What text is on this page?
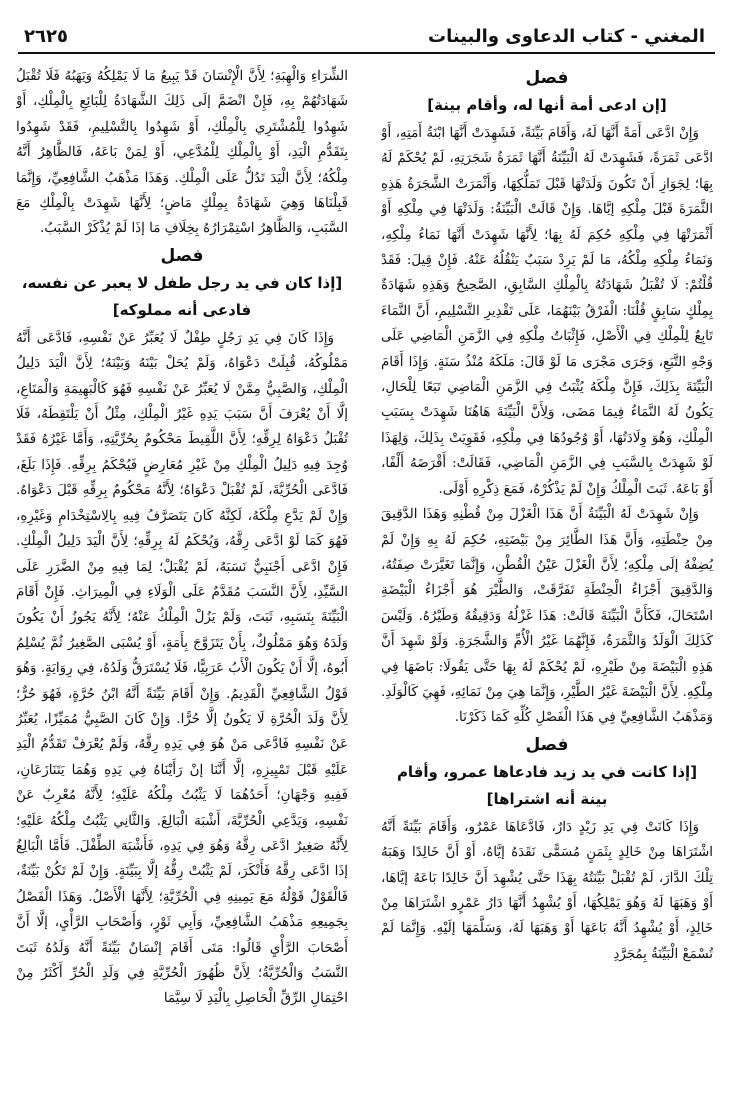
المغني - كتاب الدعاوى والبينات
٢٦٢٥
فصل
[إن ادعى أمة أنها له، وأقام بينة]

وَإِنْ ادَّعَى أَمَةً أَنَّهَا لَهُ، وَأَقَامَ بَيِّنَةً، فَشَهِدَتْ أَنَّهَا ابْنَةُ أَمَتِهِ، أَوْ ادَّعَى ثَمَرَةً، فَشَهِدَتْ لَهُ الْبَيِّنَةُ أَنَّهَا ثَمَرَةُ شَجَرَتِهِ، لَمْ يُحْكَمْ لَهُ بِهَا؛ لِجَوَازِ أَنْ تَكُونَ وَلَدَتْهَا قَبْلَ تَمَلُّكِهَا، وَأَثْمَرَتْ الشَّجَرَةُ هَذِهِ الثَّمَرَةَ قَبْلَ مِلْكِهِ إيَّاهَا. وَإِنْ قَالَتْ الْبَيِّنَةُ: وَلَدَتْهَا فِي مِلْكِهِ أَوْ أَثْمَرَتْهَا فِي مِلْكِهِ حُكِمَ لَهُ بِهَا؛ لِأَنَّهَا شَهِدَتْ أَنَّهَا نَمَاءُ مِلْكِهِ، وَنَمَاءُ مِلْكِهِ مِلْكُهُ، مَا لَمْ يَرِدْ سَبَبٌ يَنْقُلُهُ عَنْهُ. فَإِنْ قِيلَ: فَقَدْ قُلْتُمْ: لَا تُقْبَلُ شَهَادَتُهُ بِالْمِلْكِ السَّابِقِ، الصَّحِيحُ وَهَذِهِ شَهَادَةٌ بِمِلْكٍ سَابِقٍ قُلْنَا: الْفَرْقُ بَيْنَهُمَا، عَلَى تَقْدِيرِ التَّسْلِيمِ، أَنَّ النَّمَاءَ تَابِعٌ لِلْمِلْكِ فِي الْأَصْلِ، فَإِثْبَاتُ مِلْكِهِ فِي الزَّمَنِ الْمَاضِي عَلَى وَجْهِ التَّبَعِ، وَجَرَى مَجْرَى مَا لَوْ قَالَ: مَلَكَهُ مُنْذُ سَنَةٍ. وَإِذَا أَقَامَ الْبَيِّنَةَ بِذَلِكَ، فَإِنَّ مِلْكَهُ يُثْبَتُ فِي الزَّمَنِ الْمَاضِي تَبَعًا لِلْحَالِ، يَكُونُ لَهُ النَّمَاءُ فِيمَا مَضَى، وَلِأَنَّ الْبَيِّنَةَ هَاهُنَا شَهِدَتْ بِسَبَبِ الْمِلْكِ، وَهُوَ وِلَادَتُهَا، أَوْ وُجُودُهَا فِي مِلْكِهِ، فَقَوِيَتْ بِذَلِكَ، وَلِهَذَا لَوْ شَهِدَتْ بِالسَّبَبِ فِي الزَّمَنِ الْمَاضِي، فَقَالَتْ: أَقْرَضَهُ أَلْفًا، أَوْ بَاعَهُ. ثَبَتَ الْمِلْكُ وَإِنْ لَمْ يَذْكُرْهُ، فَمَعَ ذِكْرِهِ أَوْلَى.

وَإِنْ شَهِدَتْ لَهُ الْبَيِّنَةُ أَنَّ هَذَا الْغَزْلَ مِنْ قُطْنِهِ وَهَذَا الدَّقِيقَ مِنْ حِنْطَتِهِ، وَأَنَّ هَذَا الطَّائِرَ مِنْ بَيْضَتِهِ، حُكِمَ لَهُ بِهِ وَإِنْ لَمْ يُضِفْهُ إلَى مِلْكِهِ؛ لِأَنَّ الْغَزْلَ عَيْنُ الْقُطْنِ، وَإِنَّمَا تَغَيَّرَتْ صِفَتُهُ، وَالدَّقِيقَ أَجْزَاءُ الْحِنْطَةِ تَفَرَّقَتْ، وَالطَّيْرَ هُوَ أَجْزَاءُ الْبَيْضَةِ اسْتَحَالَ، فَكَأَنَّ الْبَيِّنَةَ قَالَتْ: هَذَا غَزْلُهُ وَدَقِيقُهُ وَطَيْرُهُ. وَلَيْسَ كَذَلِكَ الْوَلَدُ وَالثَّمَرَةُ، فَإِنَّهُمَا غَيْرُ الْأُمِّ وَالشَّجَرَةِ. وَلَوْ شَهِدَ أَنَّ هَذِهِ الْبَيْضَةَ مِنْ طَيْرِهِ، لَمْ يُحْكَمْ لَهُ بِهَا حَتَّى يَقُولَا: بَاضَهَا فِي مِلْكِهِ. لِأَنَّ الْبَيْضَةَ غَيْرُ الطَّيْرِ، وَإِنَّمَا هِيَ مِنْ نَمَائِهِ، فَهِيَ كَالْوَلَدِ. وَمَذْهَبُ الشَّافِعِيِّ فِي هَذَا الْفَصْلِ كُلِّهِ كَمَا ذَكَرْنَا.

فصل
[إذا كانت في يد زيد فادعاها عمرو، وأقام بينة أنه اشتراها]

وَإِذَا كَانَتْ فِي يَدِ زَيْدٍ دَارٌ، فَادَّعَاهَا عَمْرٌو، وَأَقَامَ بَيِّنَةً أَنَّهُ اشْتَرَاهَا مِنْ خَالِدٍ بِثَمَنٍ مُسَمًّى نَقَدَهُ إيَّاهُ، أَوْ أَنَّ خَالِدًا وَهَبَهُ تِلْكَ الدَّارَ، لَمْ تُقْبَلْ بَيِّنَتُهُ بِهَذَا حَتَّى يُشْهِدَ أَنَّ خَالِدًا بَاعَهُ إيَّاهَا، أَوْ وَهَبَهَا لَهُ وَهُوَ يَمْلِكُهَا، أَوْ يُشْهِدُ أَنَّهَا دَارُ عَمْرٍو اشْتَرَاهَا مِنْ خَالِدٍ، أَوْ يُشْهِدُ أَنَّهُ بَاعَهَا أَوْ وَهَبَهَا لَهُ، وَسَلَّمَهَا إلَيْهِ. وَإِنَّمَا لَمْ تُسْمَعْ الْبَيِّنَةُ بِمُجَرَّدِ

الشِّرَاءِ وَالْهِبَةِ؛ لِأَنَّ الْإِنْسَانَ قَدْ يَبِيعُ مَا لَا يَمْلِكُهُ وَيَهَبُهُ فَلَا تُقْبَلُ شَهَادَتُهُمْ بِهِ، فَإِنْ انْضَمَّ إلَى ذَلِكَ الشَّهَادَةُ لِلْبَائِعِ بِالْمِلْكِ، أَوْ شَهِدُوا لِلْمُشْتَرِي بِالْمِلْكِ، أَوْ شَهِدُوا بِالتَّسْلِيمِ، فَقَدْ شَهِدُوا بِتَقَدُّمِ الْيَدِ، أَوْ بِالْمِلْكِ لِلْمُدَّعِي، أَوْ لِمَنْ بَاعَهُ، فَالظَّاهِرُ أَنَّهُ مِلْكُهُ؛ لِأَنَّ الْيَدَ تَدُلُّ عَلَى الْمِلْكِ. وَهَذَا مَذْهَبُ الشَّافِعِيِّ، وَإِنَّمَا قَبِلْنَاهَا وَهِيَ شَهَادَةٌ بِمِلْكٍ مَاضٍ؛ لِأَنَّهَا شَهِدَتْ بِالْمِلْكِ مَعَ السَّبَبِ، وَالظَّاهِرُ اسْتِمْرَارُهُ بِخِلَافِ مَا إذَا لَمْ يُذْكَرْ السَّبَبُ.

فصل
[إذا كان في يد رجل طفل لا يعبر عن نفسه، فادعى أنه مملوكه]

وَإِذَا كَانَ فِي يَدِ رَجُلٍ طِفْلٌ لَا يُعَبِّرُ عَنْ نَفْسِهِ، فَادَّعَى أَنَّهُ مَمْلُوكُهُ، قُبِلَتْ دَعْوَاهُ، وَلَمْ يُحَلْ بَيْنَهُ وَبَيْنَهُ؛ لِأَنَّ الْيَدَ دَلِيلُ الْمِلْكِ، وَالصَّبِيُّ مِمَّنْ لَا يُعَبِّرُ عَنْ نَفْسِهِ فَهُوَ كَالْبَهِيمَةِ وَالْمَتَاعِ، إلَّا أَنْ يُعْرَفَ أَنَّ سَبَبَ يَدِهِ غَيْرُ الْمِلْكِ، مِثْلُ أَنْ يَلْتَقِطَهُ، فَلَا تُقْبَلُ دَعْوَاهُ لِرِقِّهِ؛ لِأَنَّ اللَّقِيطَ مَحْكُومٌ بِحُرِّيَّتِهِ، وَأَمَّا غَيْرُهُ فَقَدْ وُجِدَ فِيهِ دَلِيلُ الْمِلْكِ مِنْ غَيْرِ مُعَارِضٍ فَيُحْكَمُ بِرِقِّهِ. فَإِذَا بَلَغَ، فَادَّعَى الْحُرِّيَّةَ، لَمْ تُقْبَلْ دَعْوَاهُ؛ لِأَنَّهُ مَحْكُومٌ بِرِقِّهِ قَبْلَ دَعْوَاهُ. وَإِنْ لَمْ يَدَّعِ مِلْكَهُ، لَكِنَّهُ كَانَ يَتَصَرَّفُ فِيهِ بِالِاسْتِخْدَامِ وَغَيْرِهِ، فَهُوَ كَمَا لَوْ ادَّعَى رِقَّهُ، وَيُحْكَمُ لَهُ بِرِقِّهِ؛ لِأَنَّ الْيَدَ دَلِيلُ الْمِلْكِ. فَإِنْ ادَّعَى أَجْنَبِيٌّ نَسَبَهُ، لَمْ يُقْبَلْ؛ لِمَا فِيهِ مِنْ الضَّرَرِ عَلَى السَّيِّدِ، لِأَنَّ النَّسَبَ مُقَدَّمٌ عَلَى الْوَلَاءِ فِي الْمِيرَاثِ. فَإِنْ أَقَامَ الْبَيِّنَةَ بِنَسَبِهِ، ثَبَتَ، وَلَمْ يَزُلْ الْمِلْكُ عَنْهُ؛ لِأَنَّهُ يَجُوزُ أَنْ يَكُونَ وَلَدَهُ وَهُوَ مَمْلُوكٌ، بِأَنْ يَتَزَوَّجَ بِأَمَةٍ، أَوْ يُسْبَى الصَّغِيرُ ثُمَّ يُسْلِمُ أَبُوهُ، إلَّا أَنْ يَكُونَ الْأَبُ عَرَبِيًّا، فَلَا يُسْتَرَقُّ وَلَدُهُ، فِي رِوَايَةٍ. وَهُوَ قَوْلُ الشَّافِعِيِّ الْقَدِيمُ. وَإِنْ أَقَامَ بَيِّنَةً أَنَّهُ ابْنُ حُرَّةٍ، فَهُوَ حُرٌّ؛ لِأَنَّ وَلَدَ الْحُرَّةِ لَا يَكُونُ إلَّا حُرًّا. وَإِنْ كَانَ الصَّبِيُّ مُمَيِّزًا، يُعَبِّرُ عَنْ نَفْسِهِ فَادَّعَى مَنْ هُوَ فِي يَدِهِ رِقَّهُ، وَلَمْ يُعْرَفْ تَقَدُّمُ الْيَدِ عَلَيْهِ قَبْلَ تَمْيِيزِهِ، إلَّا أَنَّنَا إنْ رَأَيْنَاهُ فِي يَدِهِ وَهُمَا يَتَنَازَعَانِ، فَفِيهِ وَجْهَانِ؛ أَحَدُهُمَا لَا يَثْبُتُ مِلْكُهُ عَلَيْهِ؛ لِأَنَّهُ مُعْرِبٌ عَنْ نَفْسِهِ، وَيَدَّعِي الْحُرِّيَّةَ، أَشْبَهَ الْبَالِغَ. وَالثَّانِي يَثْبُتُ مِلْكُهُ عَلَيْهِ؛ لِأَنَّهُ صَغِيرٌ ادَّعَى رِقَّهُ وَهُوَ فِي يَدِهِ، فَأَشْبَهَ الطِّفْلَ. فَأَمَّا الْبَالِغُ إذَا ادَّعَى رِقَّهُ فَأَنْكَرَ، لَمْ يَثْبُتْ رِقُّهُ إلَّا بِبَيِّنَةٍ. وَإِنْ لَمْ تَكُنْ بَيِّنَةٌ، فَالْقَوْلُ قَوْلُهُ مَعَ يَمِينِهِ فِي الْحُرِّيَّةِ؛ لِأَنَّهَا الْأَصْلُ. وَهَذَا الْفَصْلُ بِجَمِيعِهِ مَذْهَبُ الشَّافِعِيِّ، وَأَبِي ثَوْرٍ، وَأَصْحَابِ الرَّأْيِ، إلَّا أَنَّ أَصْحَابَ الرَّأْيِ قَالُوا: مَتَى أَقَامَ إنْسَانٌ بَيِّنَةً أَنَّهُ وَلَدُهُ ثَبَتَ النَّسَبُ وَالْحُرِّيَّةُ؛ لِأَنَّ ظُهُورَ الْحُرِّيَّةِ فِي وَلَدِ الْحُرِّ أَكْثَرُ مِنْ احْتِمَالِ الرِّقِّ الْحَاصِلِ بِالْيَدِ لَا سِيَّمَا
